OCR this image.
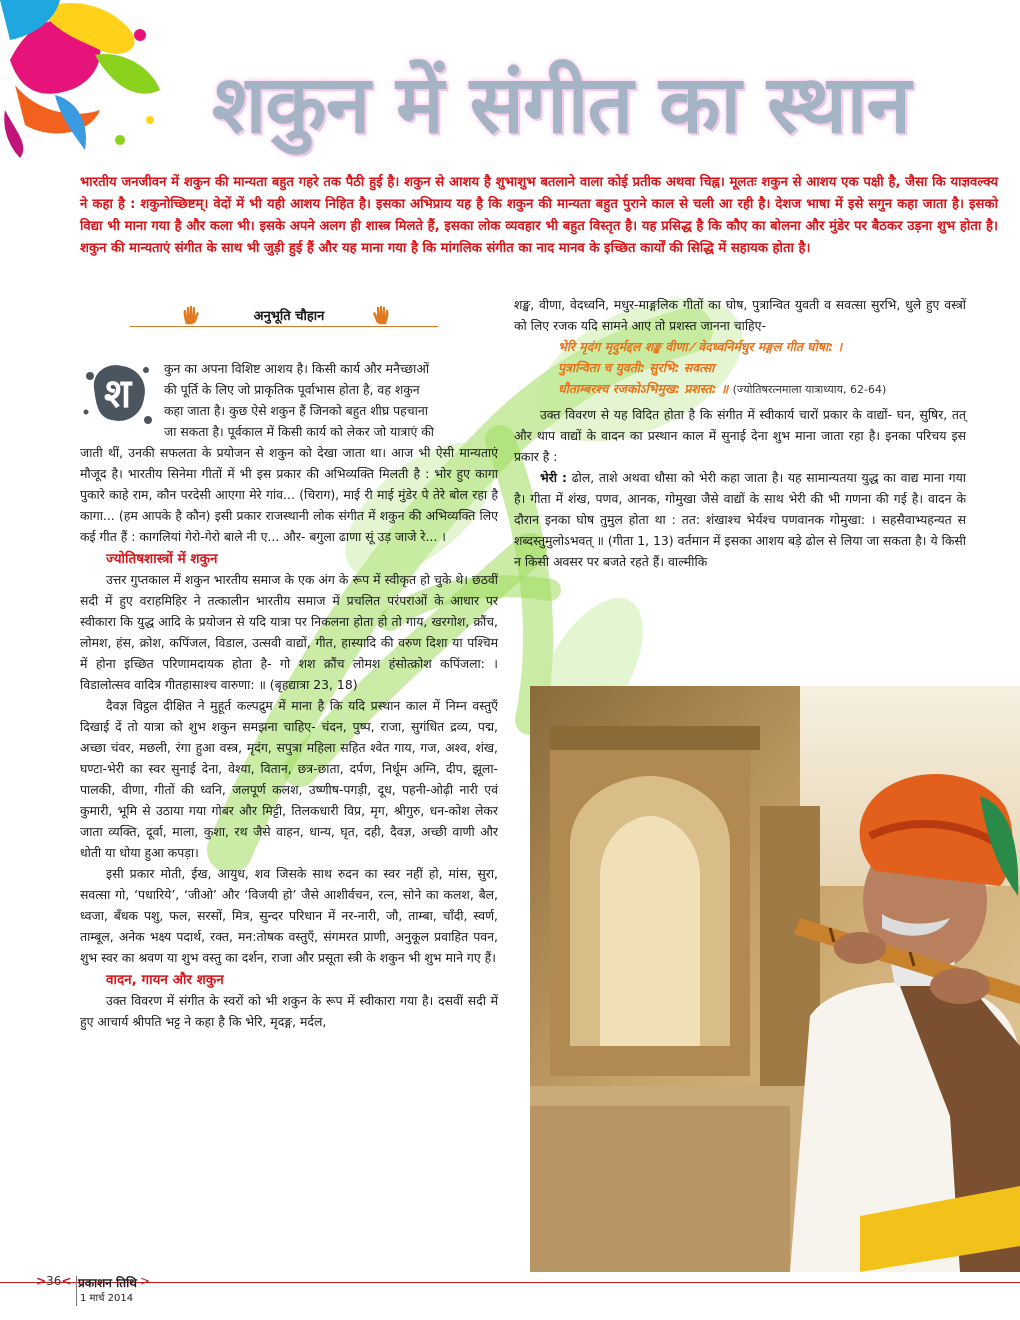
शकुन में संगीत का स्थान

भारतीय जनजीवन में शकुन की मान्यता बहुत गहरे तक पैठी हुई है। शकुन से आशय है शुभाशुभ बतलाने वाला कोई प्रतीक अथवा चिह्न। मूलतः शकुन से आशय एक पक्षी है, जैसा कि याज्ञवल्क्य ने कहा है : शकुनोच्छिष्टम्। वेदों में भी यही आशय निहित है। इसका अभिप्राय यह है कि शकुन की मान्यता बहुत पुराने काल से चली आ रही है। देशज भाषा में इसे सगुन कहा जाता है। इसको विद्या भी माना गया है और कला भी। इसके अपने अलग ही शास्त्र मिलते हैं, इसका लोक व्यवहार भी बहुत विस्तृत है। यह प्रसिद्ध है कि कौए का बोलना और मुंडेर पर बैठकर उड़ना शुभ होता है। शकुन की मान्यताएं संगीत के साथ भी जुड़ी हुई हैं और यह माना गया है कि मांगलिक संगीत का नाद मानव के इच्छित कार्यों की सिद्धि में सहायक होता है।

अनुभूति चौहान
श

कुन का अपना विशिष्ट आशय है। किसी कार्य और मनैच्छाओं
की पूर्ति के लिए जो प्राकृतिक पूर्वाभास होता है, वह शकुन
कहा जाता है। कुछ ऐसे शकुन हैं जिनको बहुत शीघ्र पहचाना
जा सकता है। पूर्वकाल में किसी कार्य को लेकर जो यात्राएं की

जाती थीं, उनकी सफलता के प्रयोजन से शकुन को देखा जाता था। आज भी ऐसी मान्यताएं मौजूद है। भारतीय सिनेमा गीतों में भी इस प्रकार की अभिव्यक्ति मिलती है : भोर हुए कागा पुकारे काहे राम, कौन परदेसी आएगा मेरे गांव... (चिराग), माई री माई मुंडेर पे तेरे बोल रहा है कागा... (हम आपके है कौन) इसी प्रकार राजस्थानी लोक संगीत में शकुन की अभिव्यक्ति लिए कई गीत हैं : कागलियां गेरो-गेरो बाले नी ए... और- बगुला ढाणा सूं उड़ जाजे रे... ।

ज्योतिषशास्त्रों में शकुन

उत्तर गुप्तकाल में शकुन भारतीय समाज के एक अंग के रूप में स्वीकृत हो चुके थे। छठवीं सदी में हुए वराहमिहिर ने तत्कालीन भारतीय समाज में प्रचलित परंपराओं के आधार पर स्वीकारा कि युद्ध आदि के प्रयोजन से यदि यात्रा पर निकलना होता हो तो गाय, खरगोश, क्रौंच, लोमश, हंस, क्रोश, कपिंजल, विडाल, उत्सवी वाद्यों, गीत, हास्यादि की वरुण दिशा या पश्चिम में होना इच्छित परिणामदायक होता है- गो शश क्रौंच लोमश हंसोत्क्रोश कपिंजला: । विडालोत्सव वादित्र गीतहासाश्च वारुणा: ॥ (बृहद्यात्रा 23, 18)

दैवज्ञ विट्ठल दीक्षित ने मुहूर्त कल्पद्रुम में माना है कि यदि प्रस्थान काल में निम्न वस्तुएँ दिखाई दें तो यात्रा को शुभ शकुन समझना चाहिए- चंदन, पुष्प, राजा, सुगंधित द्रव्य, पद्म, अच्छा चंवर, मछली, रंगा हुआ वस्त्र, मृदंग, सपुत्रा महिला सहित श्वेत गाय, गज, अश्व, शंख, घण्टा-भेरी का स्वर सुनाई देना, वेश्या, वितान, छत्र-छाता, दर्पण, निर्धूम अग्नि, दीप, झूला-पालकी, वीणा, गीतों की ध्वनि, जलपूर्ण कलश, उष्णीष-पगड़ी, दूध, पहनी-ओढ़ी नारी एवं कुमारी, भूमि से उठाया गया गोबर और मिट्टी, तिलकधारी विप्र, मृग, श्रीगुरु, धन-कोश लेकर जाता व्यक्ति, दूर्वा, माला, कुशा, रथ जैसे वाहन, धान्य, घृत, दही, दैवज्ञ, अच्छी वाणी और धोती या धोया हुआ कपड़ा।

इसी प्रकार मोती, ईख, आयुध, शव जिसके साथ रुदन का स्वर नहीं हो, मांस, सुरा, सवत्सा गो, ‘पधारिये’, ‘जीओ’ और ‘विजयी हो’ जैसे आशीर्वचन, रत्न, सोने का कलश, बैल, ध्वजा, बँधक पशु, फल, सरसों, मित्र, सुन्दर परिधान में नर-नारी, जौ, ताम्बा, चाँदी, स्वर्ण, ताम्बूल, अनेक भक्ष्य पदार्थ, रक्त, मन:तोषक वस्तुएँ, संगमरत प्राणी, अनुकूल प्रवाहित पवन, शुभ स्वर का श्रवण या शुभ वस्तु का दर्शन, राजा और प्रसूता स्त्री के शकुन भी शुभ माने गए हैं।

वादन, गायन और शकुन

उक्त विवरण में संगीत के स्वरों को भी शकुन के रूप में स्वीकारा गया है। दसवीं सदी में हुए आचार्य श्रीपति भट्ट ने कहा है कि भेरि, मृदङ्ग, मर्दल,

शङ्ख, वीणा, वेदध्वनि, मधुर-माङ्गलिक गीतों का घोष, पुत्रान्वित युवती व सवत्सा सुरभि, धुले हुए वस्त्रों को लिए रजक यदि सामने आए तो प्रशस्त जानना चाहिए-

भेरि मृदंग मृदुर्मद्दल शङ्ख वीणा ⁄ वेदध्वनिर्मधुर मङ्गल गीत घोषा: ।

पुत्रान्विता च युवती: सुरभि: सवत्सा

धौताम्बरश्च रजकोऽभिमुख: प्रशस्त: ॥ (ज्योतिषरत्नमाला यात्राध्याय, 62-64)

उक्त विवरण से यह विदित होता है कि संगीत में स्वीकार्य चारों प्रकार के वाद्यों- घन, सुषिर, तत् और थाप वाद्यों के वादन का प्रस्थान काल में सुनाई देना शुभ माना जाता रहा है। इनका परिचय इस प्रकार है :

भेरी : ढोल, ताशे अथवा धौसा को भेरी कहा जाता है। यह सामान्यतया युद्ध का वाद्य माना गया है। गीता में शंख, पणव, आनक, गोमुखा जैसे वाद्यों के साथ भेरी की भी गणना की गई है। वादन के दौरान इनका घोष तुमुल होता था : तत: शंखाश्च भेर्यश्च पणवानक गोमुखा: । सहसैवाभ्यहन्यत स शब्दस्तुमुलोऽभवत् ॥ (गीता 1, 13) वर्तमान में इसका आशय बड़े ढोल से लिया जा सकता है। ये किसी न किसी अवसर पर बजते रहते हैं। वाल्मीकि

>36< प्रकाशन तिथि
1 मार्च 2014
>
